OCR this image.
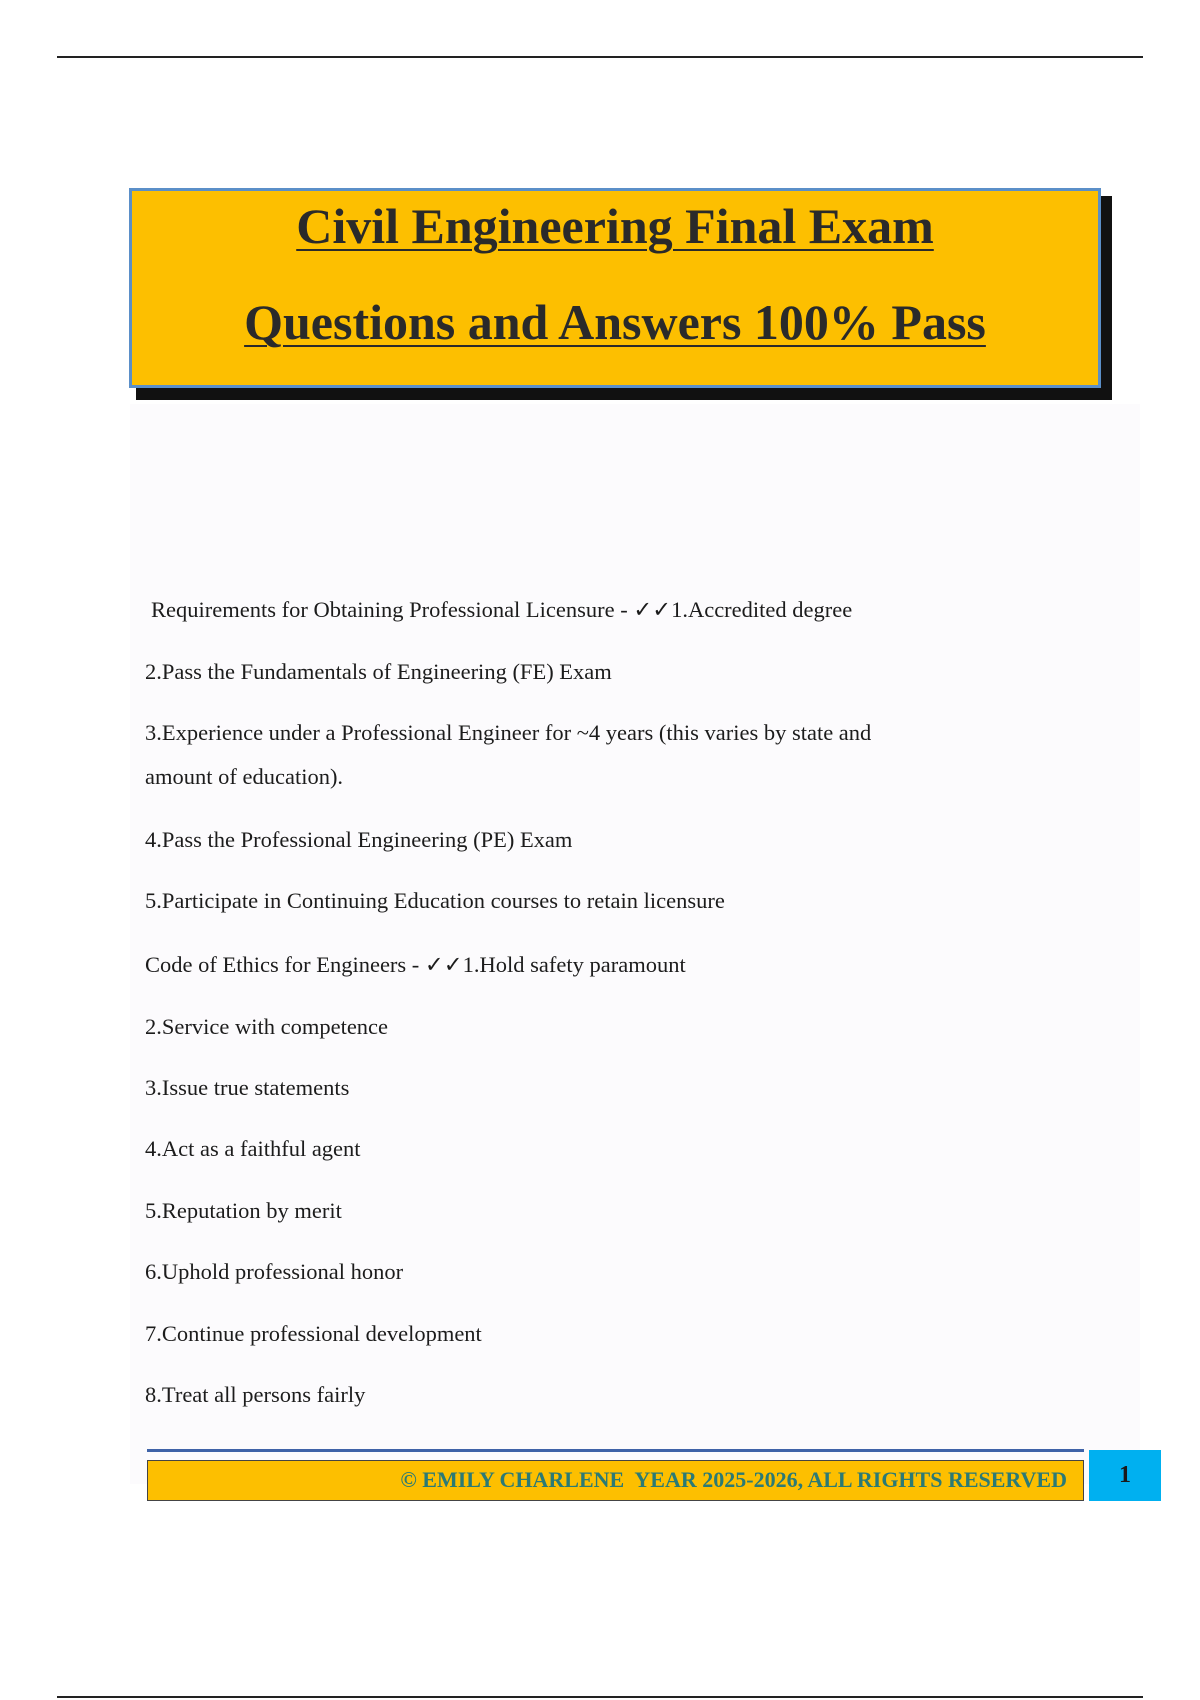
Civil Engineering Final Exam
Questions and Answers 100% Pass
Requirements for Obtaining Professional Licensure - ✓✓1.Accredited degree
2.Pass the Fundamentals of Engineering (FE) Exam
3.Experience under a Professional Engineer for ~4 years (this varies by state and
amount of education).
4.Pass the Professional Engineering (PE) Exam
5.Participate in Continuing Education courses to retain licensure
Code of Ethics for Engineers - ✓✓1.Hold safety paramount
2.Service with competence
3.Issue true statements
4.Act as a faithful agent
5.Reputation by merit
6.Uphold professional honor
7.Continue professional development
8.Treat all persons fairly
© EMILY CHARLENE  YEAR 2025-2026, ALL RIGHTS RESERVED	1
